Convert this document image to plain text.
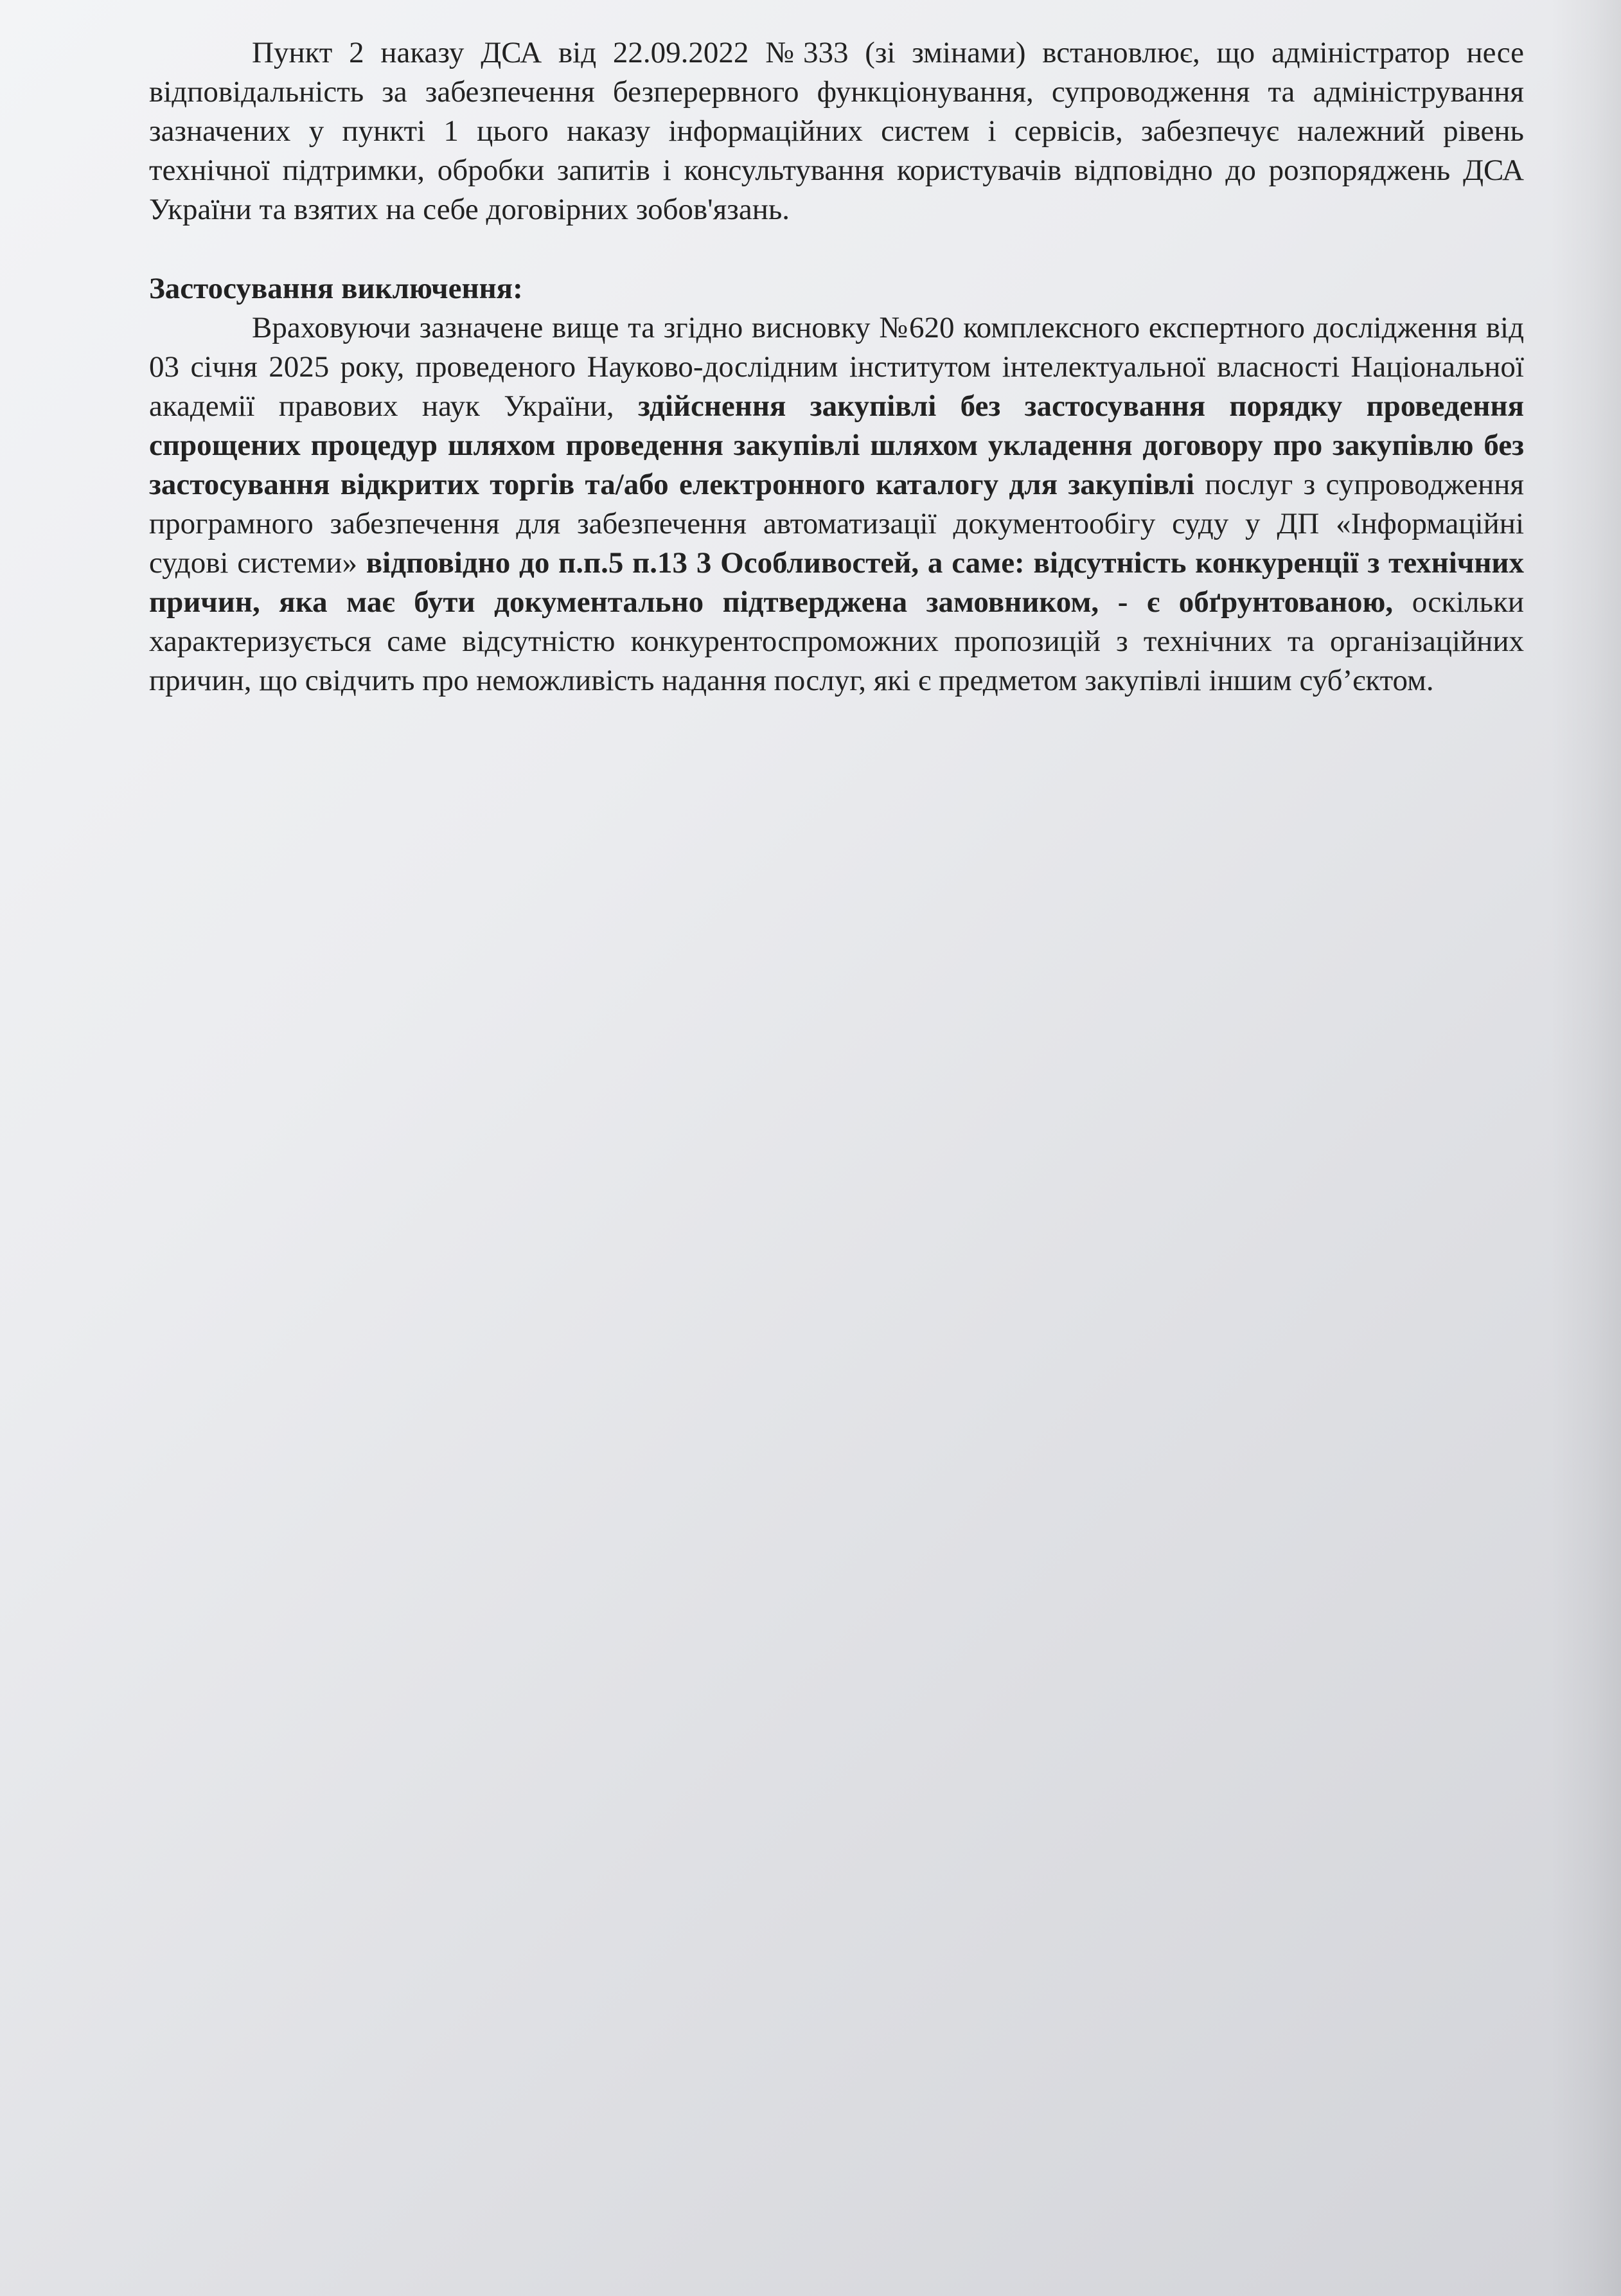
Пункт 2 наказу ДСА від 22.09.2022 №333 (зі змінами) встановлює, що адміністратор несе відповідальність за забезпечення безперервного функціонування, супроводження та адміністрування зазначених у пункті 1 цього наказу інформаційних систем і сервісів, забезпечує належний рівень технічної підтримки, обробки запитів і консультування користувачів відповідно до розпоряджень ДСА України та взятих на себе договірних зобов'язань.

Застосування виключення:

Враховуючи зазначене вище та згідно висновку №620 комплексного експертного дослідження від 03 січня 2025 року, проведеного Науково-дослідним інститутом інтелектуальної власності Національної академії правових наук України, здійснення закупівлі без застосування порядку проведення спрощених процедур шляхом проведення закупівлі шляхом укладення договору про закупівлю без застосування відкритих торгів та/або електронного каталогу для закупівлі послуг з супроводження програмного забезпечення для забезпечення автоматизації документообігу суду у ДП «Інформаційні судові системи» відповідно до п.п.5 п.13 3 Особливостей, а саме: відсутність конкуренції з технічних причин, яка має бути документально підтверджена замовником, - є обґрунтованою, оскільки характеризується саме відсутністю конкурентоспроможних пропозицій з технічних та організаційних причин, що свідчить про неможливість надання послуг, які є предметом закупівлі іншим суб’єктом.
